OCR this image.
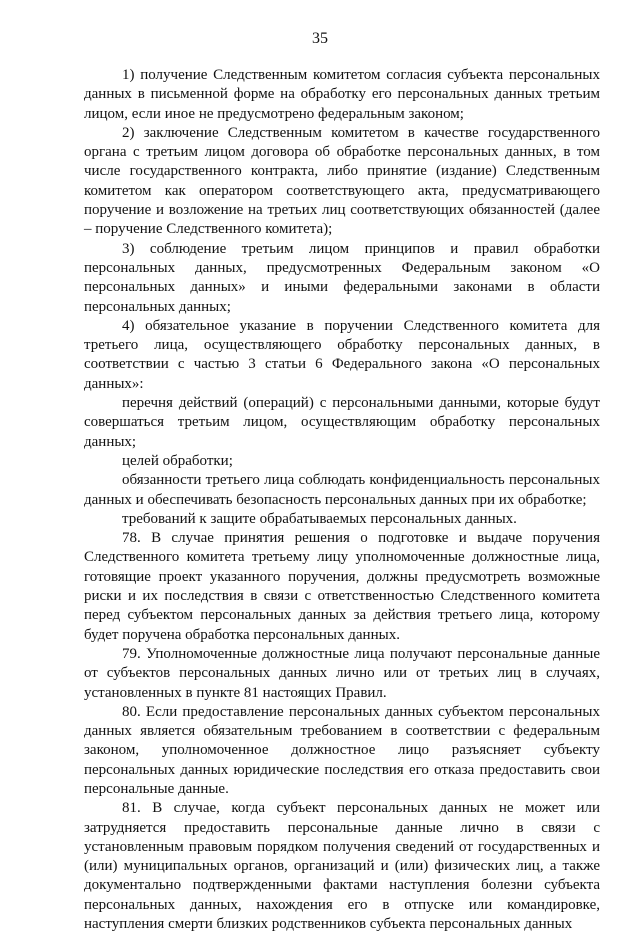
35

1) получение Следственным комитетом согласия субъекта персональных данных в письменной форме на обработку его персональных данных третьим лицом, если иное не предусмотрено федеральным законом;

2) заключение Следственным комитетом в качестве государственного органа с третьим лицом договора об обработке персональных данных, в том числе государственного контракта, либо принятие (издание) Следственным комитетом как оператором соответствующего акта, предусматривающего поручение и возложение на третьих лиц соответствующих обязанностей (далее – поручение Следственного комитета);

3) соблюдение третьим лицом принципов и правил обработки персональных данных, предусмотренных Федеральным законом «О персональных данных» и иными федеральными законами в области персональных данных;

4) обязательное указание в поручении Следственного комитета для третьего лица, осуществляющего обработку персональных данных, в соответствии с частью 3 статьи 6 Федерального закона «О персональных данных»:

перечня действий (операций) с персональными данными, которые будут совершаться третьим лицом, осуществляющим обработку персональных данных;

целей обработки;

обязанности третьего лица соблюдать конфиденциальность персональных данных и обеспечивать безопасность персональных данных при их обработке;

требований к защите обрабатываемых персональных данных.

78. В случае принятия решения о подготовке и выдаче поручения Следственного комитета третьему лицу уполномоченные должностные лица, готовящие проект указанного поручения, должны предусмотреть возможные риски и их последствия в связи с ответственностью Следственного комитета перед субъектом персональных данных за действия третьего лица, которому будет поручена обработка персональных данных.

79. Уполномоченные должностные лица получают персональные данные от субъектов персональных данных лично или от третьих лиц в случаях, установленных в пункте 81 настоящих Правил.

80. Если предоставление персональных данных субъектом персональных данных является обязательным требованием в соответствии с федеральным законом, уполномоченное должностное лицо разъясняет субъекту персональных данных юридические последствия его отказа предоставить свои персональные данные.

81. В случае, когда субъект персональных данных не может или затрудняется предоставить персональные данные лично в связи с установленным правовым порядком получения сведений от государственных и (или) муниципальных органов, организаций и (или) физических лиц, а также документально подтвержденными фактами наступления болезни субъекта персональных данных, нахождения его в отпуске или командировке, наступления смерти близких родственников субъекта персональных данных
